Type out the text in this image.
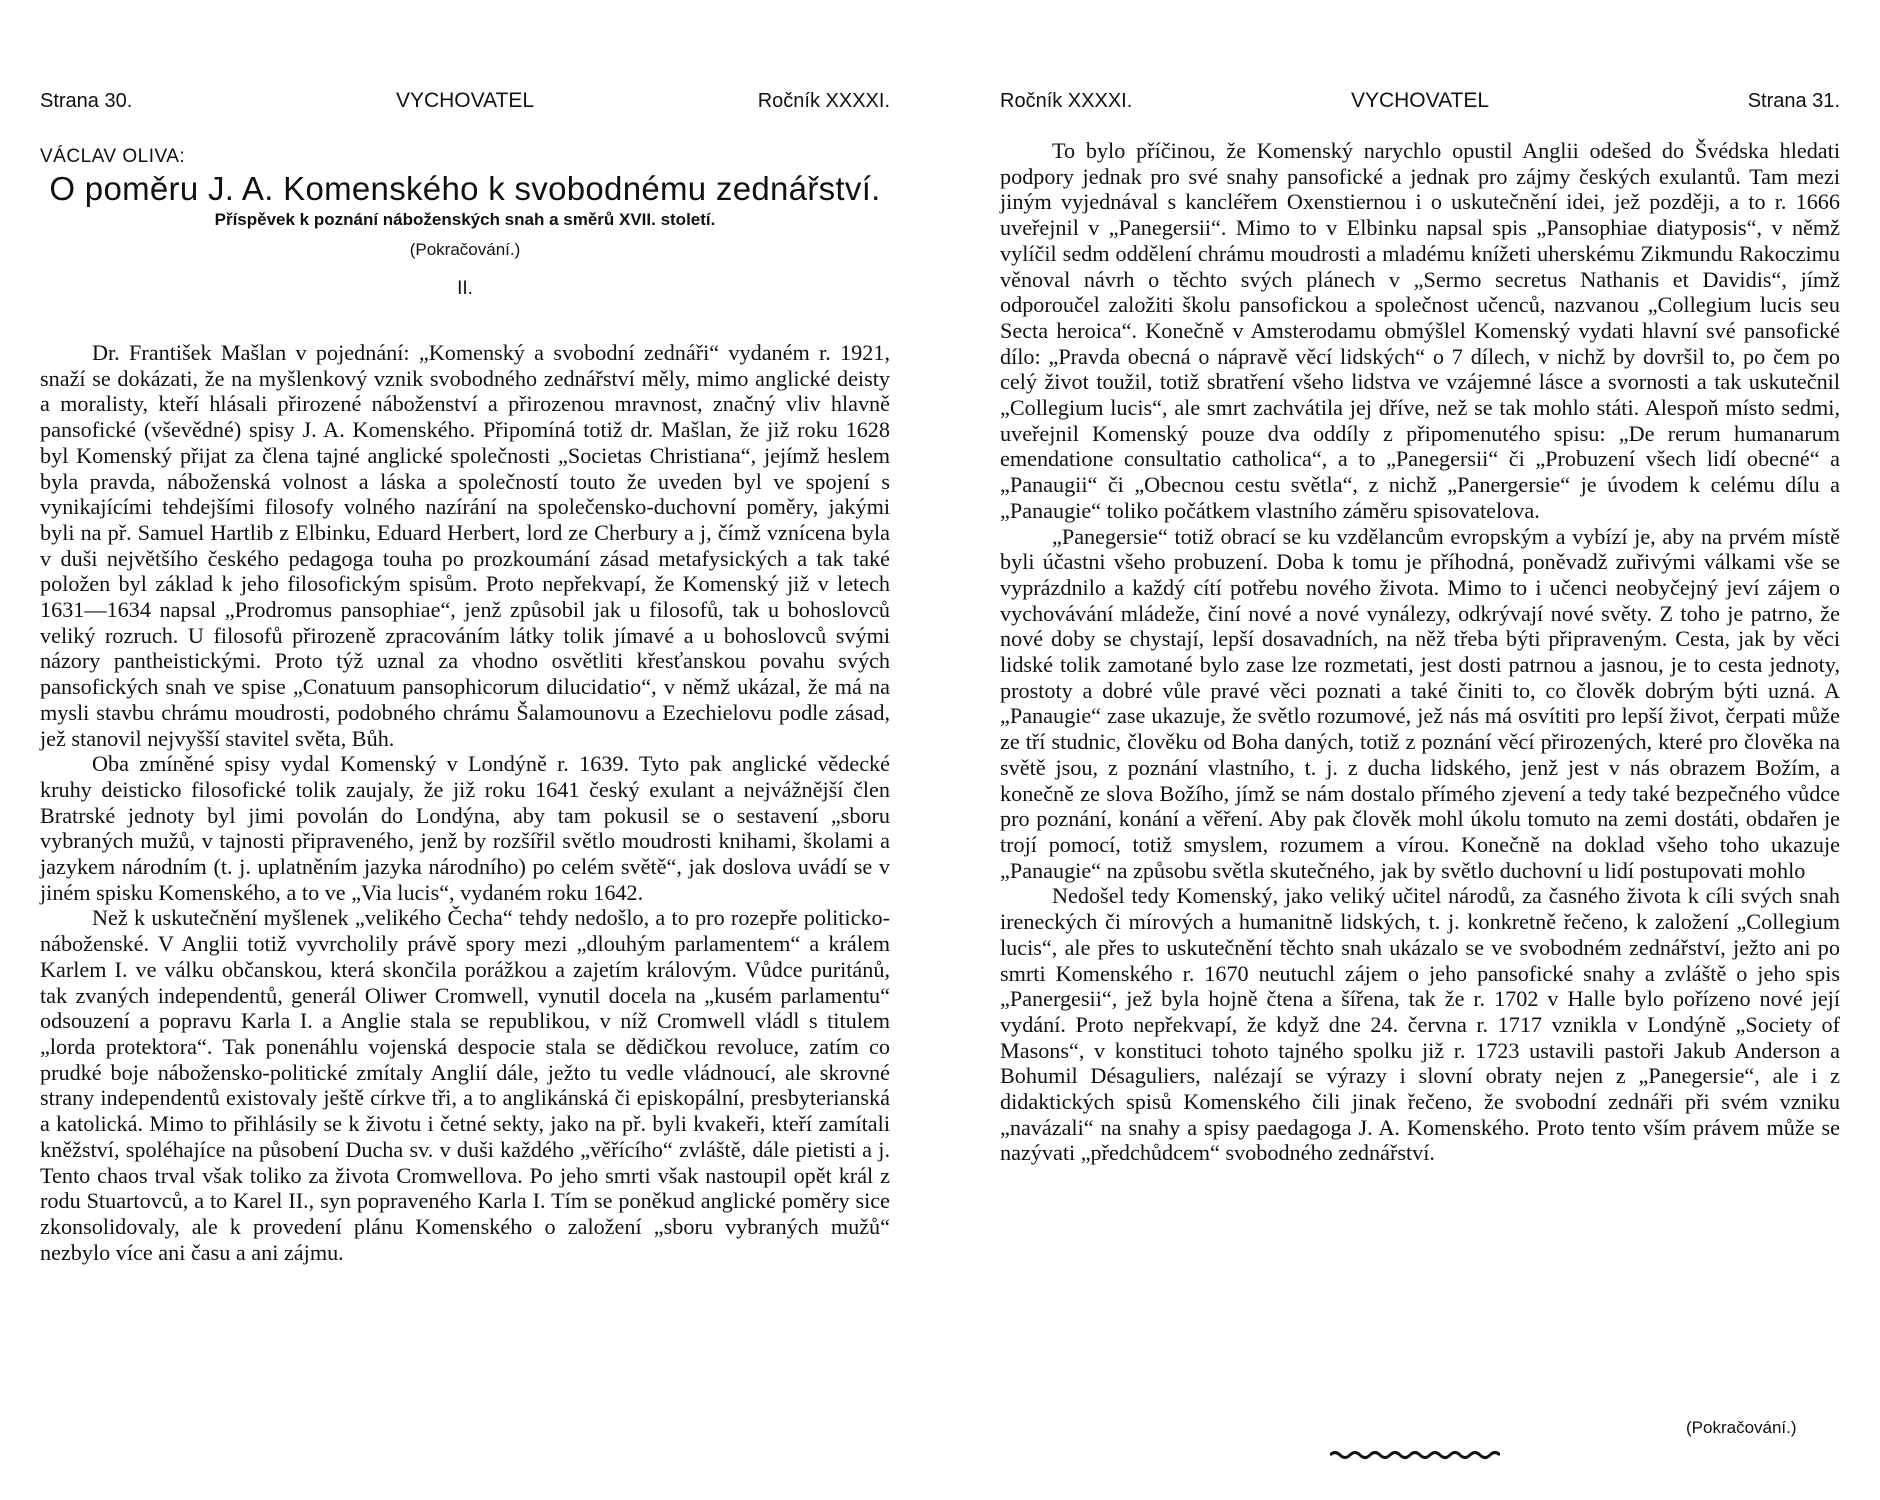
Strana 30.	VYCHOVATEL	Ročník XXXXI.
VÁCLAV OLIVA:
O poměru J. A. Komenského k svobodnému zednářství.
Příspěvek k poznání náboženských snah a směrů XVII. století.
(Pokračování.)
II.

Dr. František Mašlan v pojednání: „Komenský a svobodní zednáři“ vydaném r. 1921, snaží se dokázati, že na myšlenkový vznik svobodného zednářství měly, mimo anglické deisty a moralisty, kteří hlásali přirozené náboženství a přirozenou mravnost, značný vliv hlavně pansofické (vševědné) spisy J. A. Komenského. Připomíná totiž dr. Mašlan, že již roku 1628 byl Komenský přijat za člena tajné anglické společnosti „Societas Christiana“, jejímž heslem byla pravda, náboženská volnost a láska a společností touto že uveden byl ve spojení s vynikajícími tehdejšími filosofy volného nazírání na společensko-duchovní poměry, jakými byli na př. Samuel Hartlib z Elbinku, Eduard Herbert, lord ze Cherbury a j, čímž vznícena byla v duši největšího českého pedagoga touha po prozkoumání zásad metafysických a tak také položen byl základ k jeho filosofickým spisům. Proto nepřekvapí, že Komenský již v letech 1631—1634 napsal „Prodromus pansophiae“, jenž způsobil jak u filosofů, tak u bohoslovců veliký rozruch. U filosofů přirozeně zpracováním látky tolik jímavé a u bohoslovců svými názory pantheistickými. Proto týž uznal za vhodno osvětliti křesťanskou povahu svých pansofických snah ve spise „Conatuum pansophicorum dilucidatio“, v němž ukázal, že má na mysli stavbu chrámu moudrosti, podobného chrámu Šalamounovu a Ezechielovu podle zásad, jež stanovil nejvyšší stavitel světa, Bůh.

Oba zmíněné spisy vydal Komenský v Londýně r. 1639. Tyto pak anglické vědecké kruhy deisticko filosofické tolik zaujaly, že již roku 1641 český exulant a nejvážnější člen Bratrské jednoty byl jimi povolán do Londýna, aby tam pokusil se o sestavení „sboru vybraných mužů, v tajnosti připraveného, jenž by rozšířil světlo moudrosti knihami, školami a jazykem národním (t. j. uplatněním jazyka národního) po celém světě“, jak doslova uvádí se v jiném spisku Komenského, a to ve „Via lucis“, vydaném roku 1642.

Než k uskutečnění myšlenek „velikého Čecha“ tehdy nedošlo, a to pro rozepře politicko-náboženské. V Anglii totiž vyvrcholily právě spory mezi „dlouhým parlamentem“ a králem Karlem I. ve válku občanskou, která skončila porážkou a zajetím královým. Vůdce puritánů, tak zvaných independentů, generál Oliwer Cromwell, vynutil docela na „kusém parlamentu“ odsouzení a popravu Karla I. a Anglie stala se republikou, v níž Cromwell vládl s titulem „lorda protektora“. Tak ponenáhlu vojenská despocie stala se dědičkou revoluce, zatím co prudké boje nábožensko-politické zmítaly Anglií dále, ježto tu vedle vládnoucí, ale skrovné strany independentů existovaly ještě církve tři, a to anglikánská či episkopální, presbyterianská a katolická. Mimo to přihlásily se k životu i četné sekty, jako na př. byli kvakeři, kteří zamítali kněžství, spoléhajíce na působení Ducha sv. v duši každého „věřícího“ zvláště, dále pietisti a j. Tento chaos trval však toliko za života Cromwellova. Po jeho smrti však nastoupil opět král z rodu Stuartovců, a to Karel II., syn popraveného Karla I. Tím se poněkud anglické poměry sice zkonsolidovaly, ale k provedení plánu Komenského o založení „sboru vybraných mužů“ nezbylo více ani času a ani zájmu.

Ročník XXXXI.	VYCHOVATEL	Strana 31.

To bylo příčinou, že Komenský narychlo opustil Anglii odešed do Švédska hledati podpory jednak pro své snahy pansofické a jednak pro zájmy českých exulantů. Tam mezi jiným vyjednával s kancléřem Oxenstiernou i o uskutečnění idei, jež později, a to r. 1666 uveřejnil v „Panegersii“. Mimo to v Elbinku napsal spis „Pansophiae diatyposis“, v němž vylíčil sedm oddělení chrámu moudrosti a mladému knížeti uherskému Zikmundu Rakoczimu věnoval návrh o těchto svých plánech v „Sermo secretus Nathanis et Davidis“, jímž odporoučel založiti školu pansofickou a společnost učenců, nazvanou „Collegium lucis seu Secta heroica“. Konečně v Amsterodamu obmýšlel Komenský vydati hlavní své pansofické dílo: „Pravda obecná o nápravě věcí lidských“ o 7 dílech, v nichž by dovršil to, po čem po celý život toužil, totiž sbratření všeho lidstva ve vzájemné lásce a svornosti a tak uskutečnil „Collegium lucis“, ale smrt zachvátila jej dříve, než se tak mohlo státi. Alespoň místo sedmi, uveřejnil Komenský pouze dva oddíly z připomenutého spisu: „De rerum humanarum emendatione consultatio catholica“, a to „Panegersii“ či „Probuzení všech lidí obecné“ a „Panaugii“ či „Obecnou cestu světla“, z nichž „Panergersie“ je úvodem k celému dílu a „Panaugie“ toliko počátkem vlastního záměru spisovatelova.

„Panegersie“ totiž obrací se ku vzdělancům evropským a vybízí je, aby na prvém místě byli účastni všeho probuzení. Doba k tomu je příhodná, poněvadž zuřivými válkami vše se vyprázdnilo a každý cítí potřebu nového života. Mimo to i učenci neobyčejný jeví zájem o vychovávání mládeže, činí nové a nové vynálezy, odkrývají nové světy. Z toho je patrno, že nové doby se chystají, lepší dosavadních, na něž třeba býti připraveným. Cesta, jak by věci lidské tolik zamotané bylo zase lze rozmetati, jest dosti patrnou a jasnou, je to cesta jednoty, prostoty a dobré vůle pravé věci poznati a také činiti to, co člověk dobrým býti uzná. A „Panaugie“ zase ukazuje, že světlo rozumové, jež nás má osvítiti pro lepší život, čerpati může ze tří studnic, člověku od Boha daných, totiž z poznání věcí přirozených, které pro člověka na světě jsou, z poznání vlastního, t. j. z ducha lidského, jenž jest v nás obrazem Božím, a konečně ze slova Božího, jímž se nám dostalo přímého zjevení a tedy také bezpečného vůdce pro poznání, konání a věření. Aby pak člověk mohl úkolu tomuto na zemi dostáti, obdařen je trojí pomocí, totiž smyslem, rozumem a vírou. Konečně na doklad všeho toho ukazuje „Panaugie“ na způsobu světla skutečného, jak by světlo duchovní u lidí postupovati mohlo

Nedošel tedy Komenský, jako veliký učitel národů, za časného života k cíli svých snah ireneckých či mírových a humanitně lidských, t. j. konkretně řečeno, k založení „Collegium lucis“, ale přes to uskutečnění těchto snah ukázalo se ve svobodném zednářství, ježto ani po smrti Komenského r. 1670 neutuchl zájem o jeho pansofické snahy a zvláště o jeho spis „Panergesii“, jež byla hojně čtena a šířena, tak že r. 1702 v Halle bylo pořízeno nové její vydání. Proto nepřekvapí, že když dne 24. června r. 1717 vznikla v Londýně „Society of Masons“, v konstituci tohoto tajného spolku již r. 1723 ustavili pastoři Jakub Anderson a Bohumil Désaguliers, nalézají se výrazy i slovní obraty nejen z „Panegersie“, ale i z didaktických spisů Komenského čili jinak řečeno, že svobodní zednáři při svém vzniku „navázali“ na snahy a spisy paedagoga J. A. Komenského. Proto tento vším právem může se nazývati „předchůdcem“ svobodného zednářství.

(Pokračování.)
